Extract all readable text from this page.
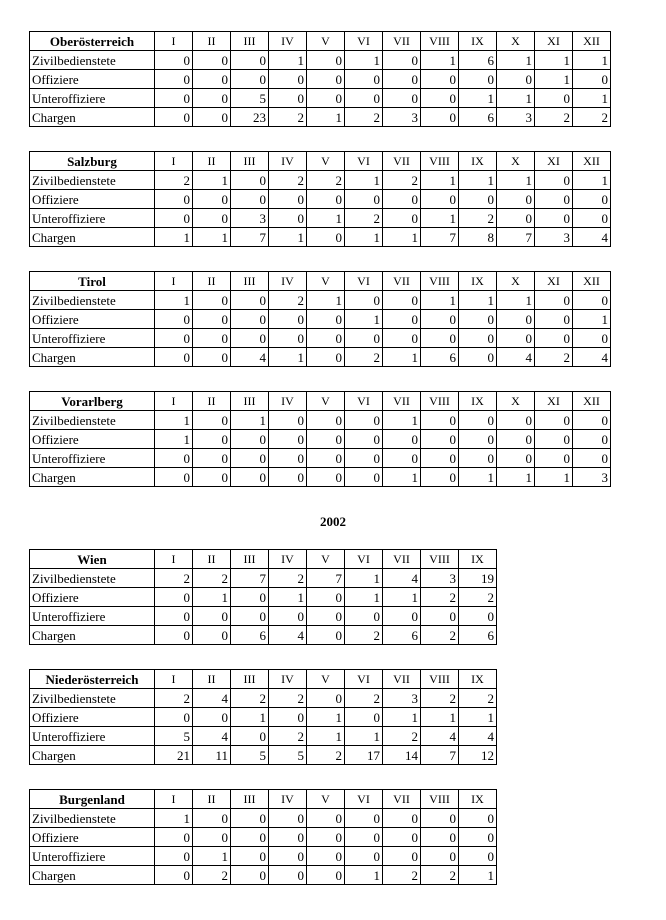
2002
Oberösterreich	I	II	III	IV	V	VI	VII	VIII	IX	X	XI	XII
Zivilbedienstete	0	0	0	1	0	1	0	1	6	1	1	1
Offiziere	0	0	0	0	0	0	0	0	0	0	1	0
Unteroffiziere	0	0	5	0	0	0	0	0	1	1	0	1
Chargen	0	0	23	2	1	2	3	0	6	3	2	2
Salzburg	I	II	III	IV	V	VI	VII	VIII	IX	X	XI	XII
Zivilbedienstete	2	1	0	2	2	1	2	1	1	1	0	1
Offiziere	0	0	0	0	0	0	0	0	0	0	0	0
Unteroffiziere	0	0	3	0	1	2	0	1	2	0	0	0
Chargen	1	1	7	1	0	1	1	7	8	7	3	4
Tirol	I	II	III	IV	V	VI	VII	VIII	IX	X	XI	XII
Zivilbedienstete	1	0	0	2	1	0	0	1	1	1	0	0
Offiziere	0	0	0	0	0	1	0	0	0	0	0	1
Unteroffiziere	0	0	0	0	0	0	0	0	0	0	0	0
Chargen	0	0	4	1	0	2	1	6	0	4	2	4
Vorarlberg	I	II	III	IV	V	VI	VII	VIII	IX	X	XI	XII
Zivilbedienstete	1	0	1	0	0	0	1	0	0	0	0	0
Offiziere	1	0	0	0	0	0	0	0	0	0	0	0
Unteroffiziere	0	0	0	0	0	0	0	0	0	0	0	0
Chargen	0	0	0	0	0	0	1	0	1	1	1	3
Wien	I	II	III	IV	V	VI	VII	VIII	IX
Zivilbedienstete	2	2	7	2	7	1	4	3	19
Offiziere	0	1	0	1	0	1	1	2	2
Unteroffiziere	0	0	0	0	0	0	0	0	0
Chargen	0	0	6	4	0	2	6	2	6
Niederösterreich	I	II	III	IV	V	VI	VII	VIII	IX
Zivilbedienstete	2	4	2	2	0	2	3	2	2
Offiziere	0	0	1	0	1	0	1	1	1
Unteroffiziere	5	4	0	2	1	1	2	4	4
Chargen	21	11	5	5	2	17	14	7	12
Burgenland	I	II	III	IV	V	VI	VII	VIII	IX
Zivilbedienstete	1	0	0	0	0	0	0	0	0
Offiziere	0	0	0	0	0	0	0	0	0
Unteroffiziere	0	1	0	0	0	0	0	0	0
Chargen	0	2	0	0	0	1	2	2	1
